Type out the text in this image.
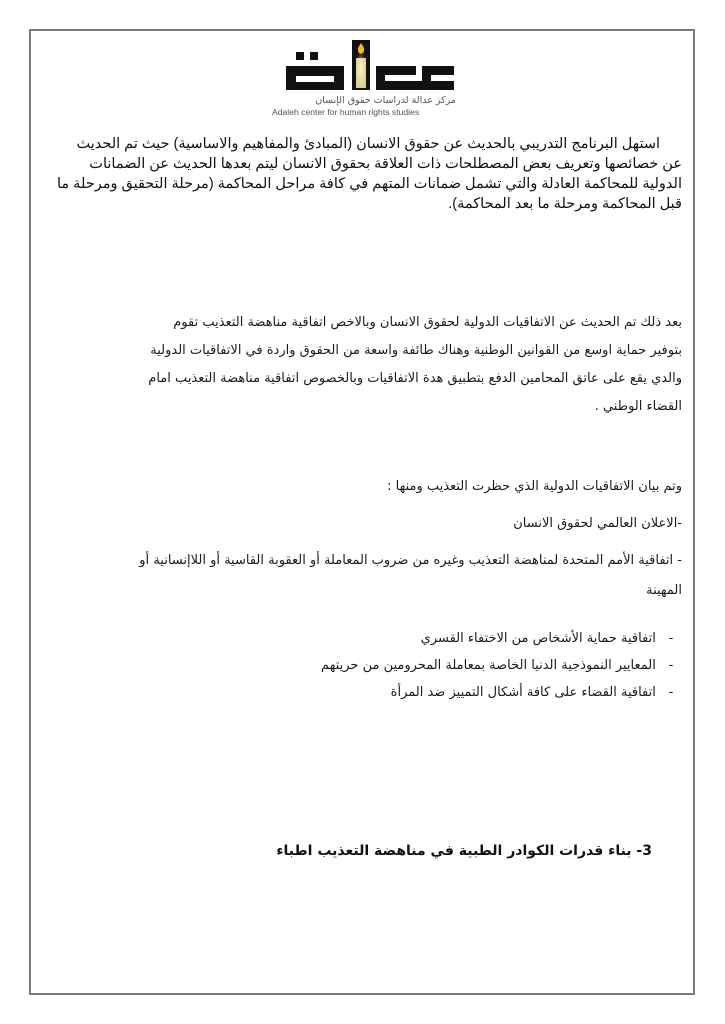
مركز عدالة لدراسات حقوق الإنسان
Adaleh center for human rights studies
استهل البرنامج التدريبي بالحديث عن حقوق الانسان (المبادئ والمفاهيم والاساسية) حيث تم الحديث
عن خصائصها وتعريف بعض المصطلحات ذات العلاقة بحقوق الانسان ليتم بعدها الحديث عن الضمانات
الدولية للمحاكمة العادلة والتي تشمل ضمانات المتهم في كافة مراحل المحاكمة (مرحلة التحقيق ومرحلة ما
قبل المحاكمة ومرحلة ما بعد المحاكمة).
بعد ذلك تم الحديث عن الاتفاقيات الدولية لحقوق الانسان وبالاخص اتفاقية مناهضة التعذيب تقوم
بتوفير حماية اوسع من القوانين الوطنية وهناك طائفة واسعة من الحقوق واردة في الاتفاقيات الدولية
والدي يقع على عاتق المحامين الدفع بتطبيق هدة الاتفاقيات وبالخصوص اتفاقية مناهضة التعذيب امام
القضاء الوطني .
وتم بيان الاتفاقيات الدولية الذي حظرت التعذيب ومنها :
-الاعلان العالمي لحقوق الانسان
- اتفاقية الأمم المتحدة لمناهضة التعذيب وغيره من ضروب المعاملة أو العقوبة القاسية أو اللاإنسانية أو
المهينة
- اتفاقية حماية الأشخاص من الاختفاء القسري
- المعايير النموذجية الدنيا الخاصة بمعاملة المحرومين من حريتهم
- اتفاقية القضاء على كافة أشكال التمييز ضد المرأة
3- بناء قدرات الكوادر الطبية في مناهضة التعذيب اطباء
